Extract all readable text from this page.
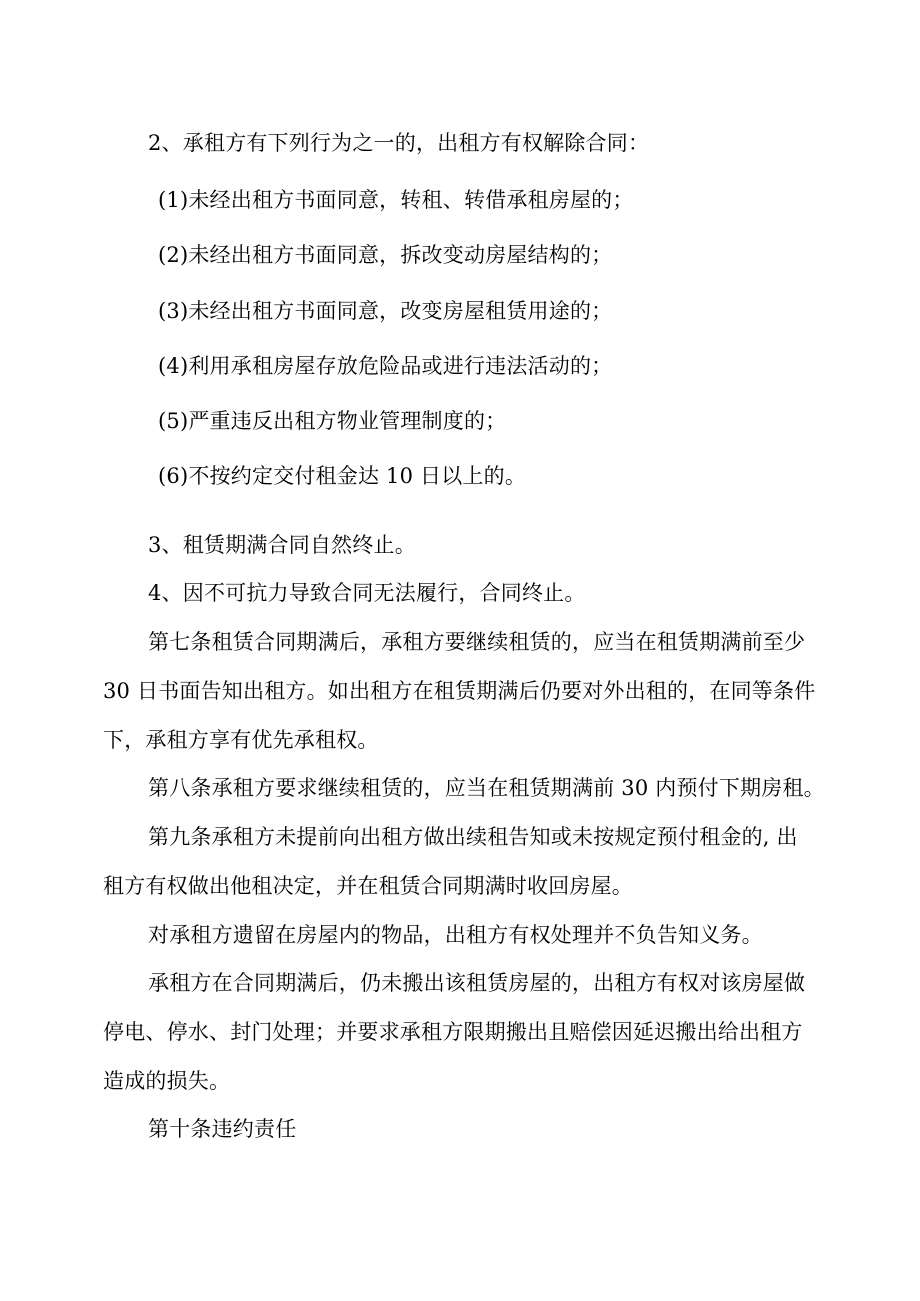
2、承租方有下列行为之一的，出租方有权解除合同：
(1)未经出租方书面同意，转租、转借承租房屋的；
(2)未经出租方书面同意，拆改变动房屋结构的；
(3)未经出租方书面同意，改变房屋租赁用途的；
(4)利用承租房屋存放危险品或进行违法活动的；
(5)严重违反出租方物业管理制度的；
(6)不按约定交付租金达 10 日以上的。
3、租赁期满合同自然终止。
4、因不可抗力导致合同无法履行，合同终止。
第七条租赁合同期满后，承租方要继续租赁的，应当在租赁期满前至少
30 日书面告知出租方。如出租方在租赁期满后仍要对外出租的，在同等条件
下，承租方享有优先承租权。
第八条承租方要求继续租赁的，应当在租赁期满前 30 内预付下期房租。
第九条承租方未提前向出租方做出续租告知或未按规定预付租金的, 出
租方有权做出他租决定，并在租赁合同期满时收回房屋。
对承租方遗留在房屋内的物品，出租方有权处理并不负告知义务。
承租方在合同期满后，仍未搬出该租赁房屋的，出租方有权对该房屋做
停电、停水、封门处理；并要求承租方限期搬出且赔偿因延迟搬出给出租方
造成的损失。
第十条违约责任
